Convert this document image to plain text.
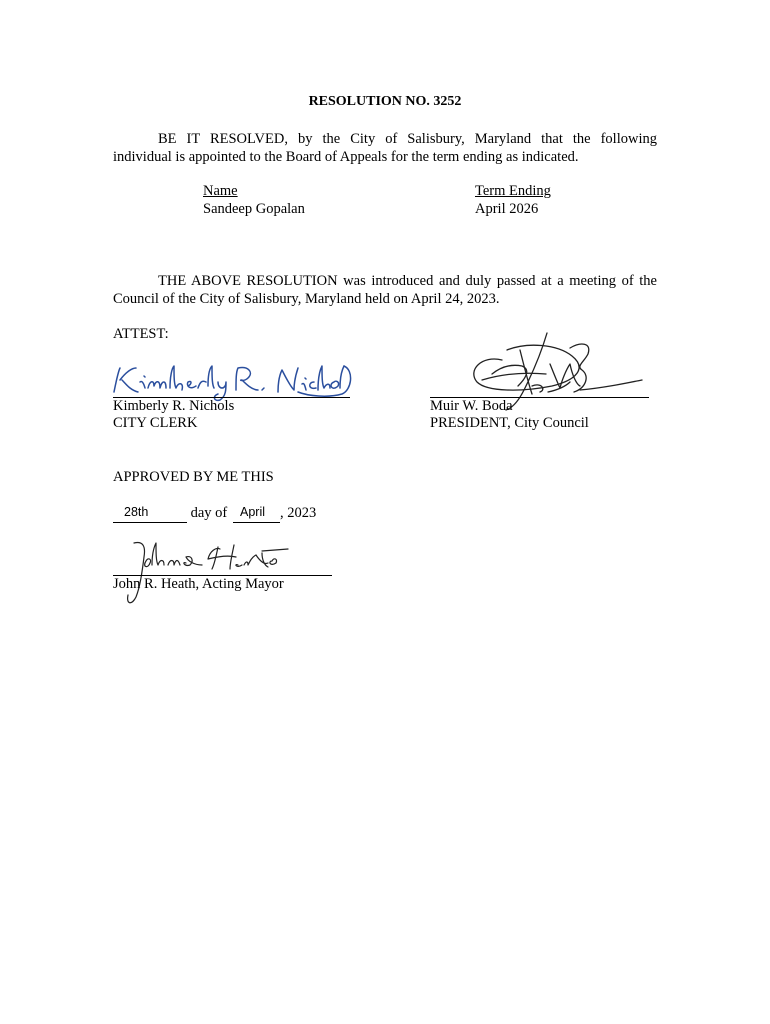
RESOLUTION NO. 3252
BE IT RESOLVED, by the City of Salisbury, Maryland that the following
individual is appointed to the Board of Appeals for the term ending as indicated.
Name	Term Ending
Sandeep Gopalan	April 2026
THE ABOVE RESOLUTION was introduced and duly passed at a meeting of the
Council of the City of Salisbury, Maryland held on April 24, 2023.
ATTEST:
Kimberly R. Nichols
CITY CLERK
Muir W. Boda
PRESIDENT, City Council
APPROVED BY ME THIS
28th	day of April , 2023
John R. Heath, Acting Mayor
